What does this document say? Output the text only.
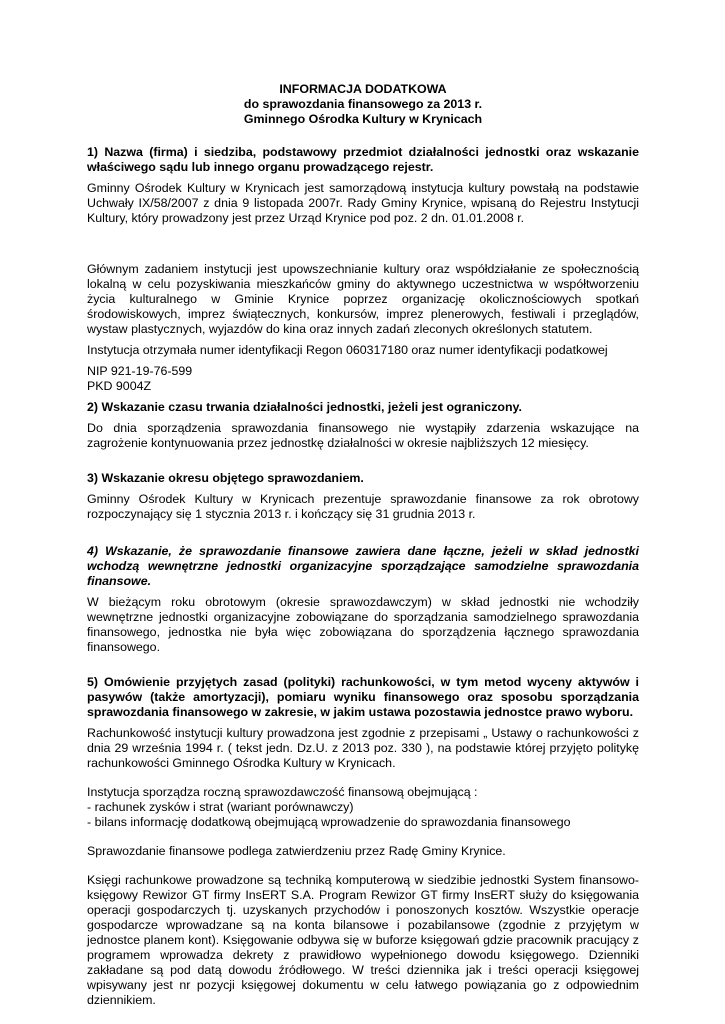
INFORMACJA DODATKOWA

do sprawozdania finansowego za 2013 r.

Gminnego Ośrodka Kultury w Krynicach

1) Nazwa (firma) i siedziba, podstawowy przedmiot działalności jednostki oraz wskazanie właściwego sądu lub innego organu prowadzącego rejestr.

Gminny Ośrodek Kultury w Krynicach jest samorządową instytucja kultury powstałą na podstawie Uchwały IX/58/2007 z dnia 9 listopada 2007r. Rady Gminy Krynice, wpisaną do Rejestru Instytucji Kultury, który prowadzony jest przez Urząd Krynice pod poz. 2 dn. 01.01.2008 r.

Głównym zadaniem instytucji jest upowszechnianie kultury oraz współdziałanie ze społecznością lokalną w celu pozyskiwania mieszkańców gminy do aktywnego uczestnictwa w współtworzeniu życia kulturalnego w Gminie Krynice poprzez organizację okolicznościowych spotkań środowiskowych, imprez świątecznych, konkursów, imprez plenerowych, festiwali i przeglądów, wystaw plastycznych, wyjazdów do kina oraz innych zadań zleconych określonych statutem.

Instytucja otrzymała numer identyfikacji Regon 060317180 oraz numer identyfikacji podatkowej

NIP 921-19-76-599

PKD 9004Z

2) Wskazanie czasu trwania działalności jednostki, jeżeli jest ograniczony.

Do dnia sporządzenia sprawozdania finansowego nie wystąpiły zdarzenia wskazujące na zagrożenie kontynuowania przez jednostkę działalności w okresie najbliższych 12 miesięcy.

3) Wskazanie okresu objętego sprawozdaniem.

Gminny Ośrodek Kultury w Krynicach prezentuje sprawozdanie finansowe za rok obrotowy rozpoczynający się 1 stycznia 2013 r. i kończący się 31 grudnia 2013 r.

4) Wskazanie, że sprawozdanie finansowe zawiera dane łączne, jeżeli w skład jednostki wchodzą wewnętrzne jednostki organizacyjne sporządzające samodzielne sprawozdania finansowe.

W bieżącym roku obrotowym (okresie sprawozdawczym) w skład jednostki nie wchodziły wewnętrzne jednostki organizacyjne zobowiązane do sporządzania samodzielnego sprawozdania finansowego, jednostka nie była więc zobowiązana do sporządzenia łącznego sprawozdania finansowego.

5) Omówienie przyjętych zasad (polityki) rachunkowości, w tym metod wyceny aktywów i pasywów (także amortyzacji), pomiaru wyniku finansowego oraz sposobu sporządzania sprawozdania finansowego w zakresie, w jakim ustawa pozostawia jednostce prawo wyboru.

Rachunkowość instytucji kultury prowadzona jest zgodnie z przepisami „ Ustawy o rachunkowości z dnia 29 września 1994 r. ( tekst jedn. Dz.U. z 2013 poz. 330 ), na podstawie której przyjęto politykę rachunkowości Gminnego Ośrodka Kultury w Krynicach.

Instytucja sporządza roczną sprawozdawczość finansową obejmującą :

- rachunek zysków i strat (wariant porównawczy)

- bilans informację dodatkową obejmującą wprowadzenie do sprawozdania finansowego

Sprawozdanie finansowe podlega zatwierdzeniu przez Radę Gminy Krynice.

Księgi rachunkowe prowadzone są techniką komputerową w siedzibie jednostki System finansowo-księgowy Rewizor GT firmy InsERT S.A. Program Rewizor GT firmy InsERT służy do księgowania operacji gospodarczych tj. uzyskanych przychodów i ponoszonych kosztów. Wszystkie operacje gospodarcze wprowadzane są na konta bilansowe i pozabilansowe (zgodnie z przyjętym w jednostce planem kont). Księgowanie odbywa się w buforze księgowań gdzie pracownik pracujący z programem wprowadza dekrety z prawidłowo wypełnionego dowodu księgowego. Dzienniki zakładane są pod datą dowodu źródłowego. W treści dziennika jak i treści operacji księgowej wpisywany jest nr pozycji księgowej dokumentu w celu łatwego powiązania go z odpowiednim dziennikiem.
